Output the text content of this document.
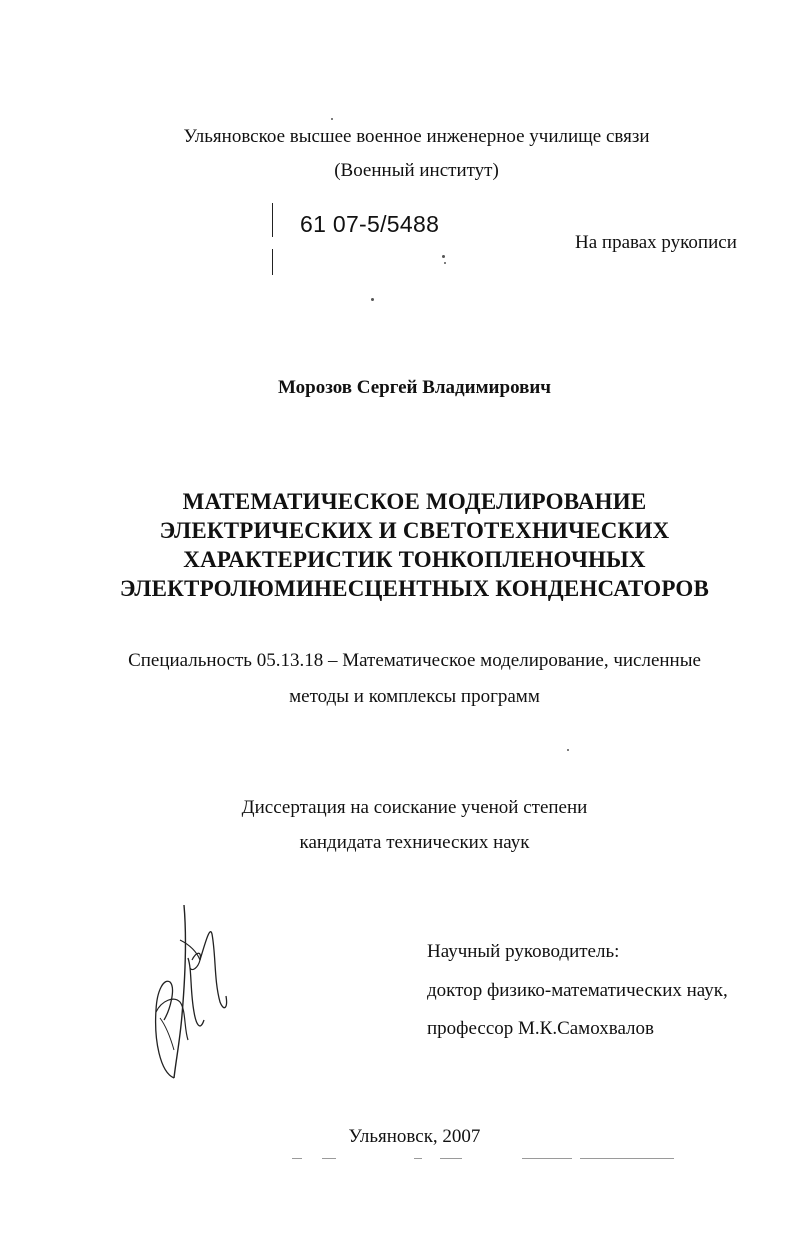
Ульяновское высшее военное инженерное училище связи
(Военный институт)
61 07-5/5488
На правах рукописи
Морозов Сергей Владимирович
МАТЕМАТИЧЕСКОЕ МОДЕЛИРОВАНИЕ
ЭЛЕКТРИЧЕСКИХ И СВЕТОТЕХНИЧЕСКИХ
ХАРАКТЕРИСТИК ТОНКОПЛЕНОЧНЫХ
ЭЛЕКТРОЛЮМИНЕСЦЕНТНЫХ КОНДЕНСАТОРОВ
Специальность 05.13.18 – Математическое моделирование, численные
методы и комплексы программ
Диссертация на соискание ученой степени
кандидата технических наук
Научный руководитель:
доктор физико-математических наук,
профессор М.К.Самохвалов
Ульяновск, 2007
